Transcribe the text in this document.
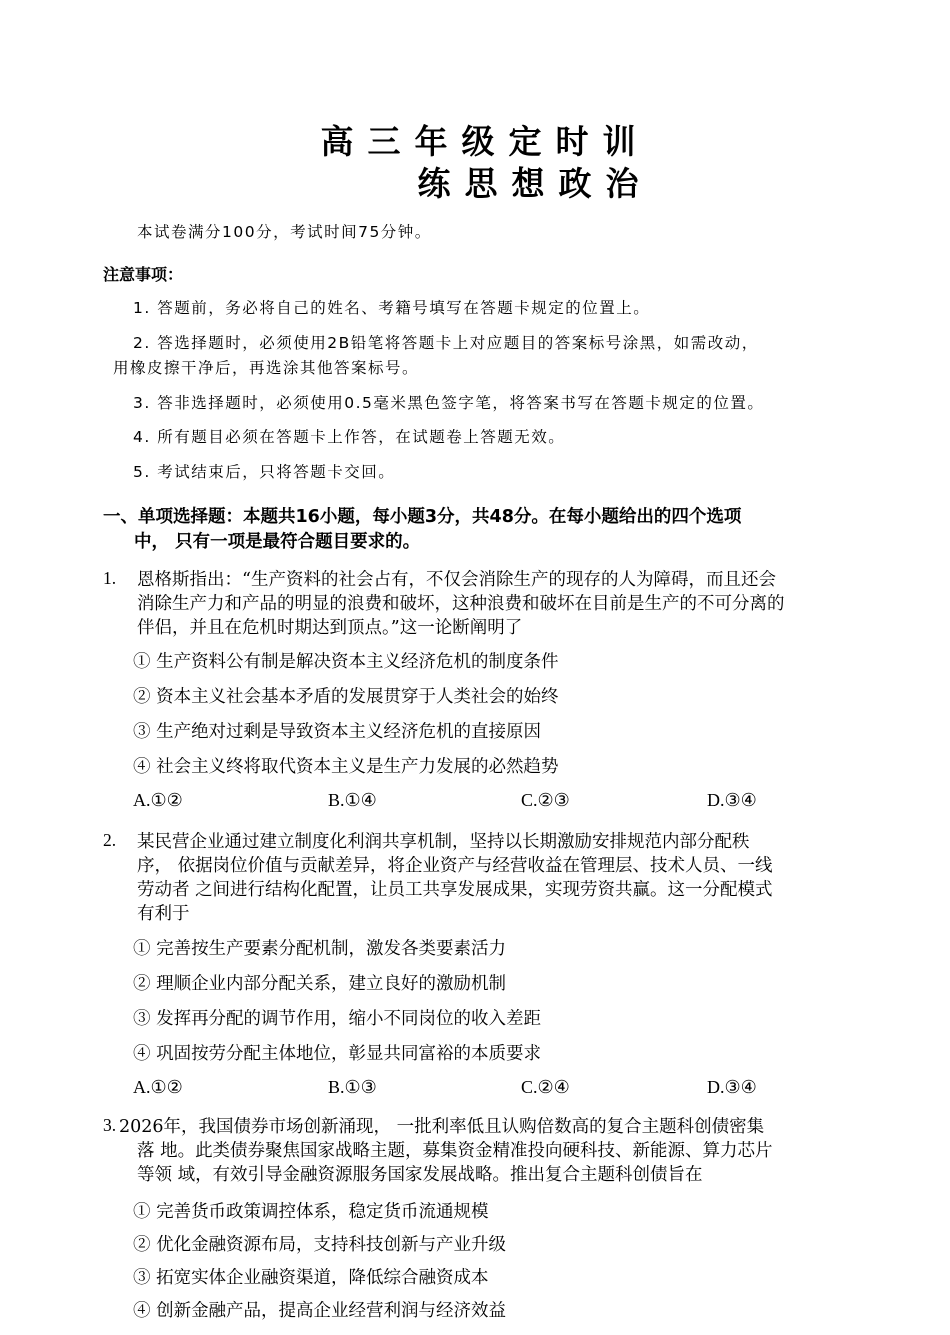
高三年级定时训
练思想政治
本试卷满分100分，考试时间75分钟。
注意事项：
1. 答题前，务必将自己的姓名、考籍号填写在答题卡规定的位置上。
2. 答选择题时，必须使用2B铅笔将答题卡上对应题目的答案标号涂黑，如需改动，
用橡皮擦干净后，再选涂其他答案标号。
3. 答非选择题时，必须使用0.5毫米黑色签字笔，将答案书写在答题卡规定的位置。
4. 所有题目必须在答题卡上作答，在试题卷上答题无效。
5. 考试结束后，只将答题卡交回。
一、单项选择题：本题共16小题，每小题3分，共48分。在每小题给出的四个选项
中， 只有一项是最符合题目要求的。
1. 恩格斯指出：“生产资料的社会占有，不仅会消除生产的现存的人为障碍，而且还会
消除生产力和产品的明显的浪费和破坏，这种浪费和破坏在目前是生产的不可分离的
伴侣，并且在危机时期达到顶点。”这一论断阐明了
① 生产资料公有制是解决资本主义经济危机的制度条件
② 资本主义社会基本矛盾的发展贯穿于人类社会的始终
③ 生产绝对过剩是导致资本主义经济危机的直接原因
④ 社会主义终将取代资本主义是生产力发展的必然趋势
A.①②	B.①④	C.②③	D.③④
2. 某民营企业通过建立制度化利润共享机制，坚持以长期激励安排规范内部分配秩
序， 依据岗位价值与贡献差异，将企业资产与经营收益在管理层、技术人员、一线
劳动者 之间进行结构化配置，让员工共享发展成果，实现劳资共赢。这一分配模式
有利于
① 完善按生产要素分配机制，激发各类要素活力
② 理顺企业内部分配关系，建立良好的激励机制
③ 发挥再分配的调节作用，缩小不同岗位的收入差距
④ 巩固按劳分配主体地位，彰显共同富裕的本质要求
A.①②	B.①③	C.②④	D.③④
3. 2026年，我国债券市场创新涌现， 一批利率低且认购倍数高的复合主题科创债密集
落 地。此类债券聚焦国家战略主题，募集资金精准投向硬科技、新能源、算力芯片
等领 域，有效引导金融资源服务国家发展战略。推出复合主题科创债旨在
① 完善货币政策调控体系，稳定货币流通规模
② 优化金融资源布局，支持科技创新与产业升级
③ 拓宽实体企业融资渠道，降低综合融资成本
④ 创新金融产品，提高企业经营利润与经济效益
